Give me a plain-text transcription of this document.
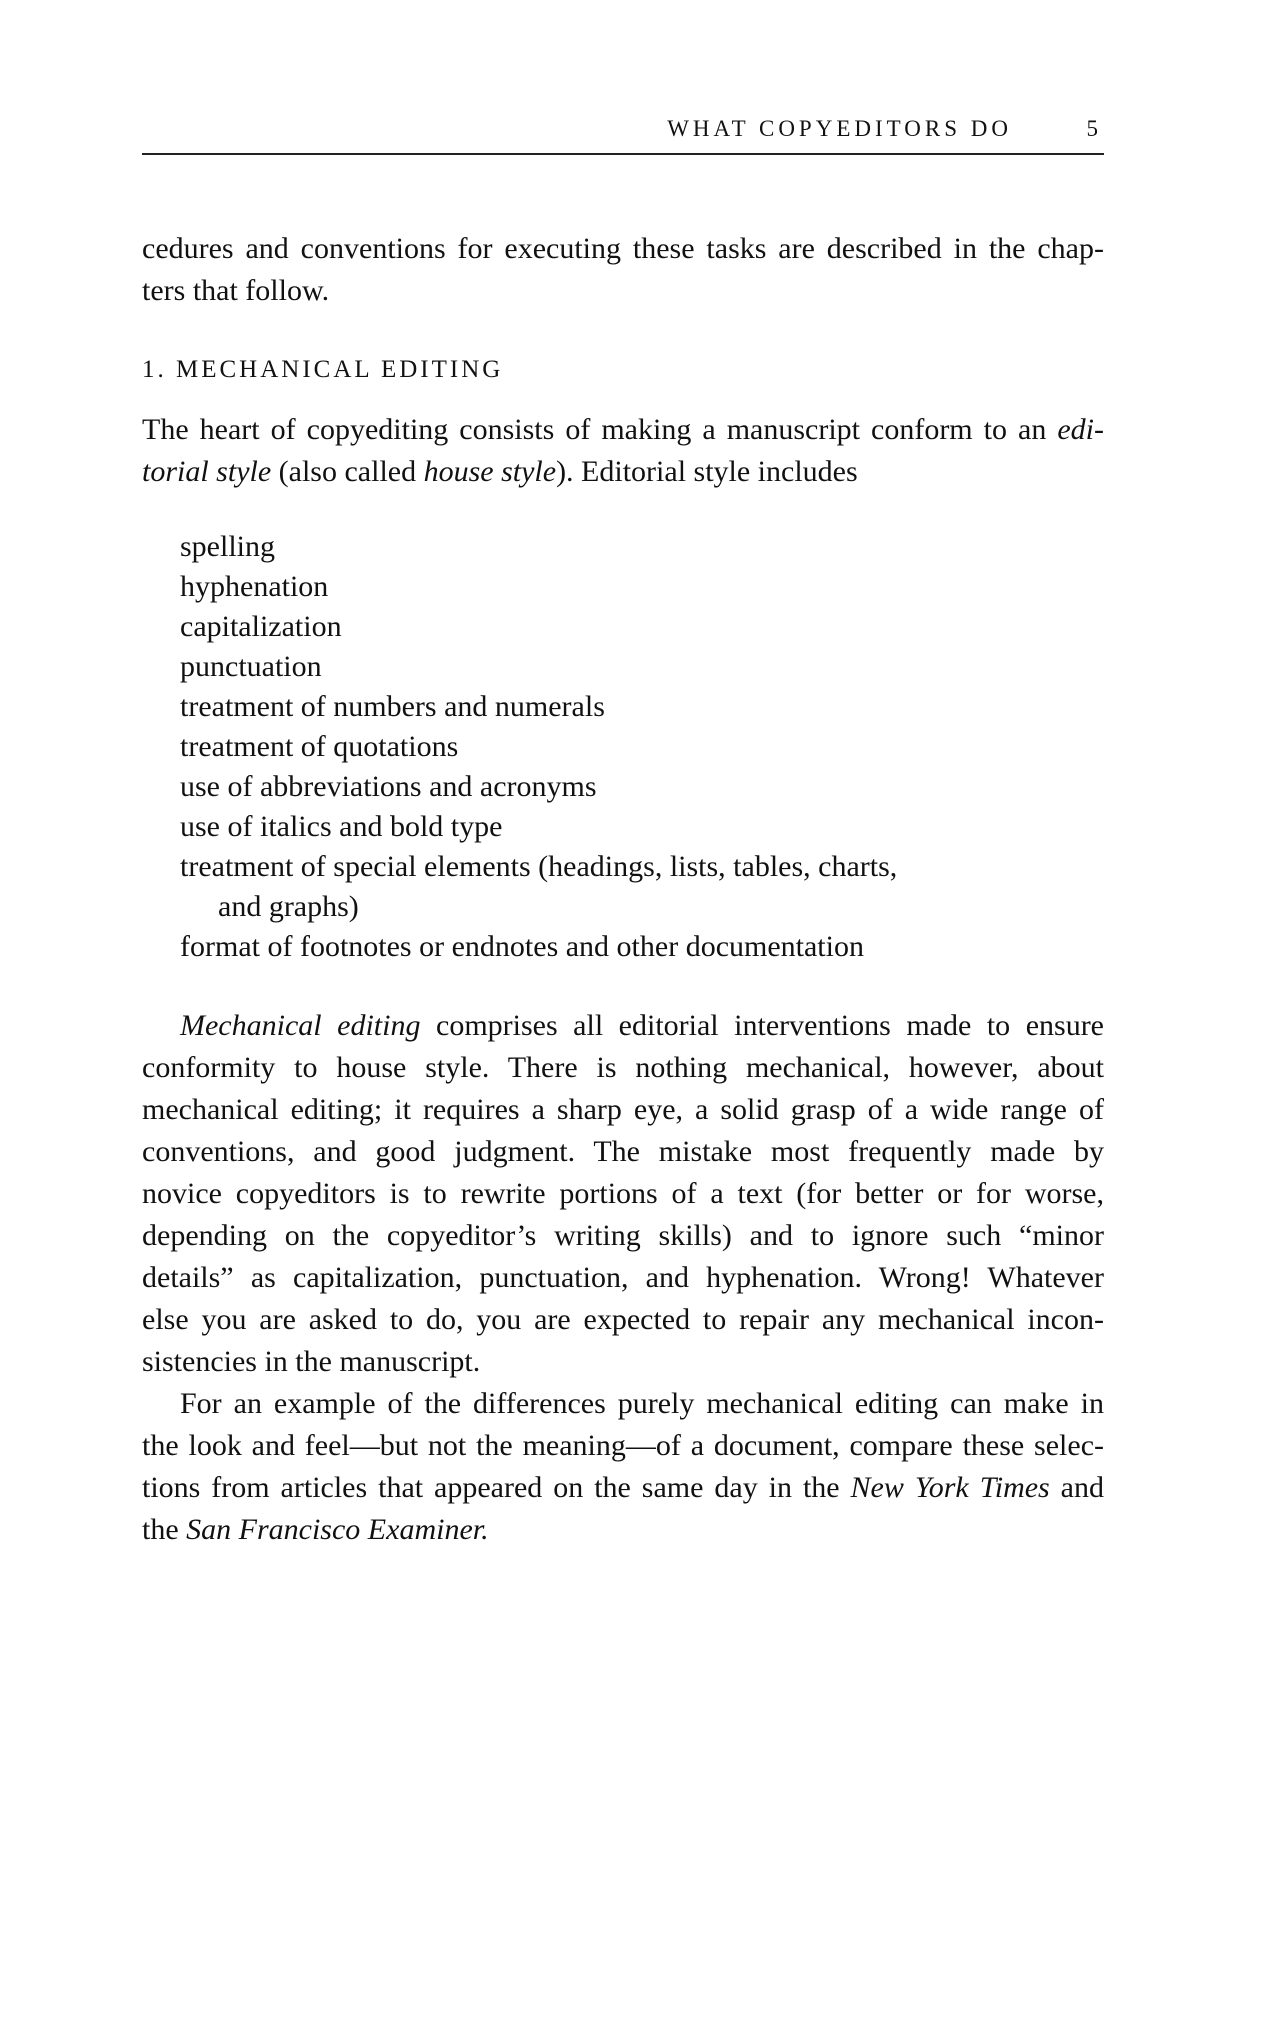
WHAT COPYEDITORS DO	5

cedures and conventions for executing these tasks are described in the chap-
ters that follow.

1. MECHANICAL EDITING

The heart of copyediting consists of making a manuscript conform to an edi-
torial style (also called house style). Editorial style includes

spelling
hyphenation
capitalization
punctuation
treatment of numbers and numerals
treatment of quotations
use of abbreviations and acronyms
use of italics and bold type
treatment of special elements (headings, lists, tables, charts,
and graphs)
format of footnotes or endnotes and other documentation

Mechanical editing comprises all editorial interventions made to ensure
conformity to house style. There is nothing mechanical, however, about
mechanical editing; it requires a sharp eye, a solid grasp of a wide range of
conventions, and good judgment. The mistake most frequently made by
novice copyeditors is to rewrite portions of a text (for better or for worse,
depending on the copyeditor’s writing skills) and to ignore such “minor
details” as capitalization, punctuation, and hyphenation. Wrong! Whatever
else you are asked to do, you are expected to repair any mechanical incon-
sistencies in the manuscript.

For an example of the differences purely mechanical editing can make in
the look and feel—but not the meaning—of a document, compare these selec-
tions from articles that appeared on the same day in the New York Times and
the San Francisco Examiner.
